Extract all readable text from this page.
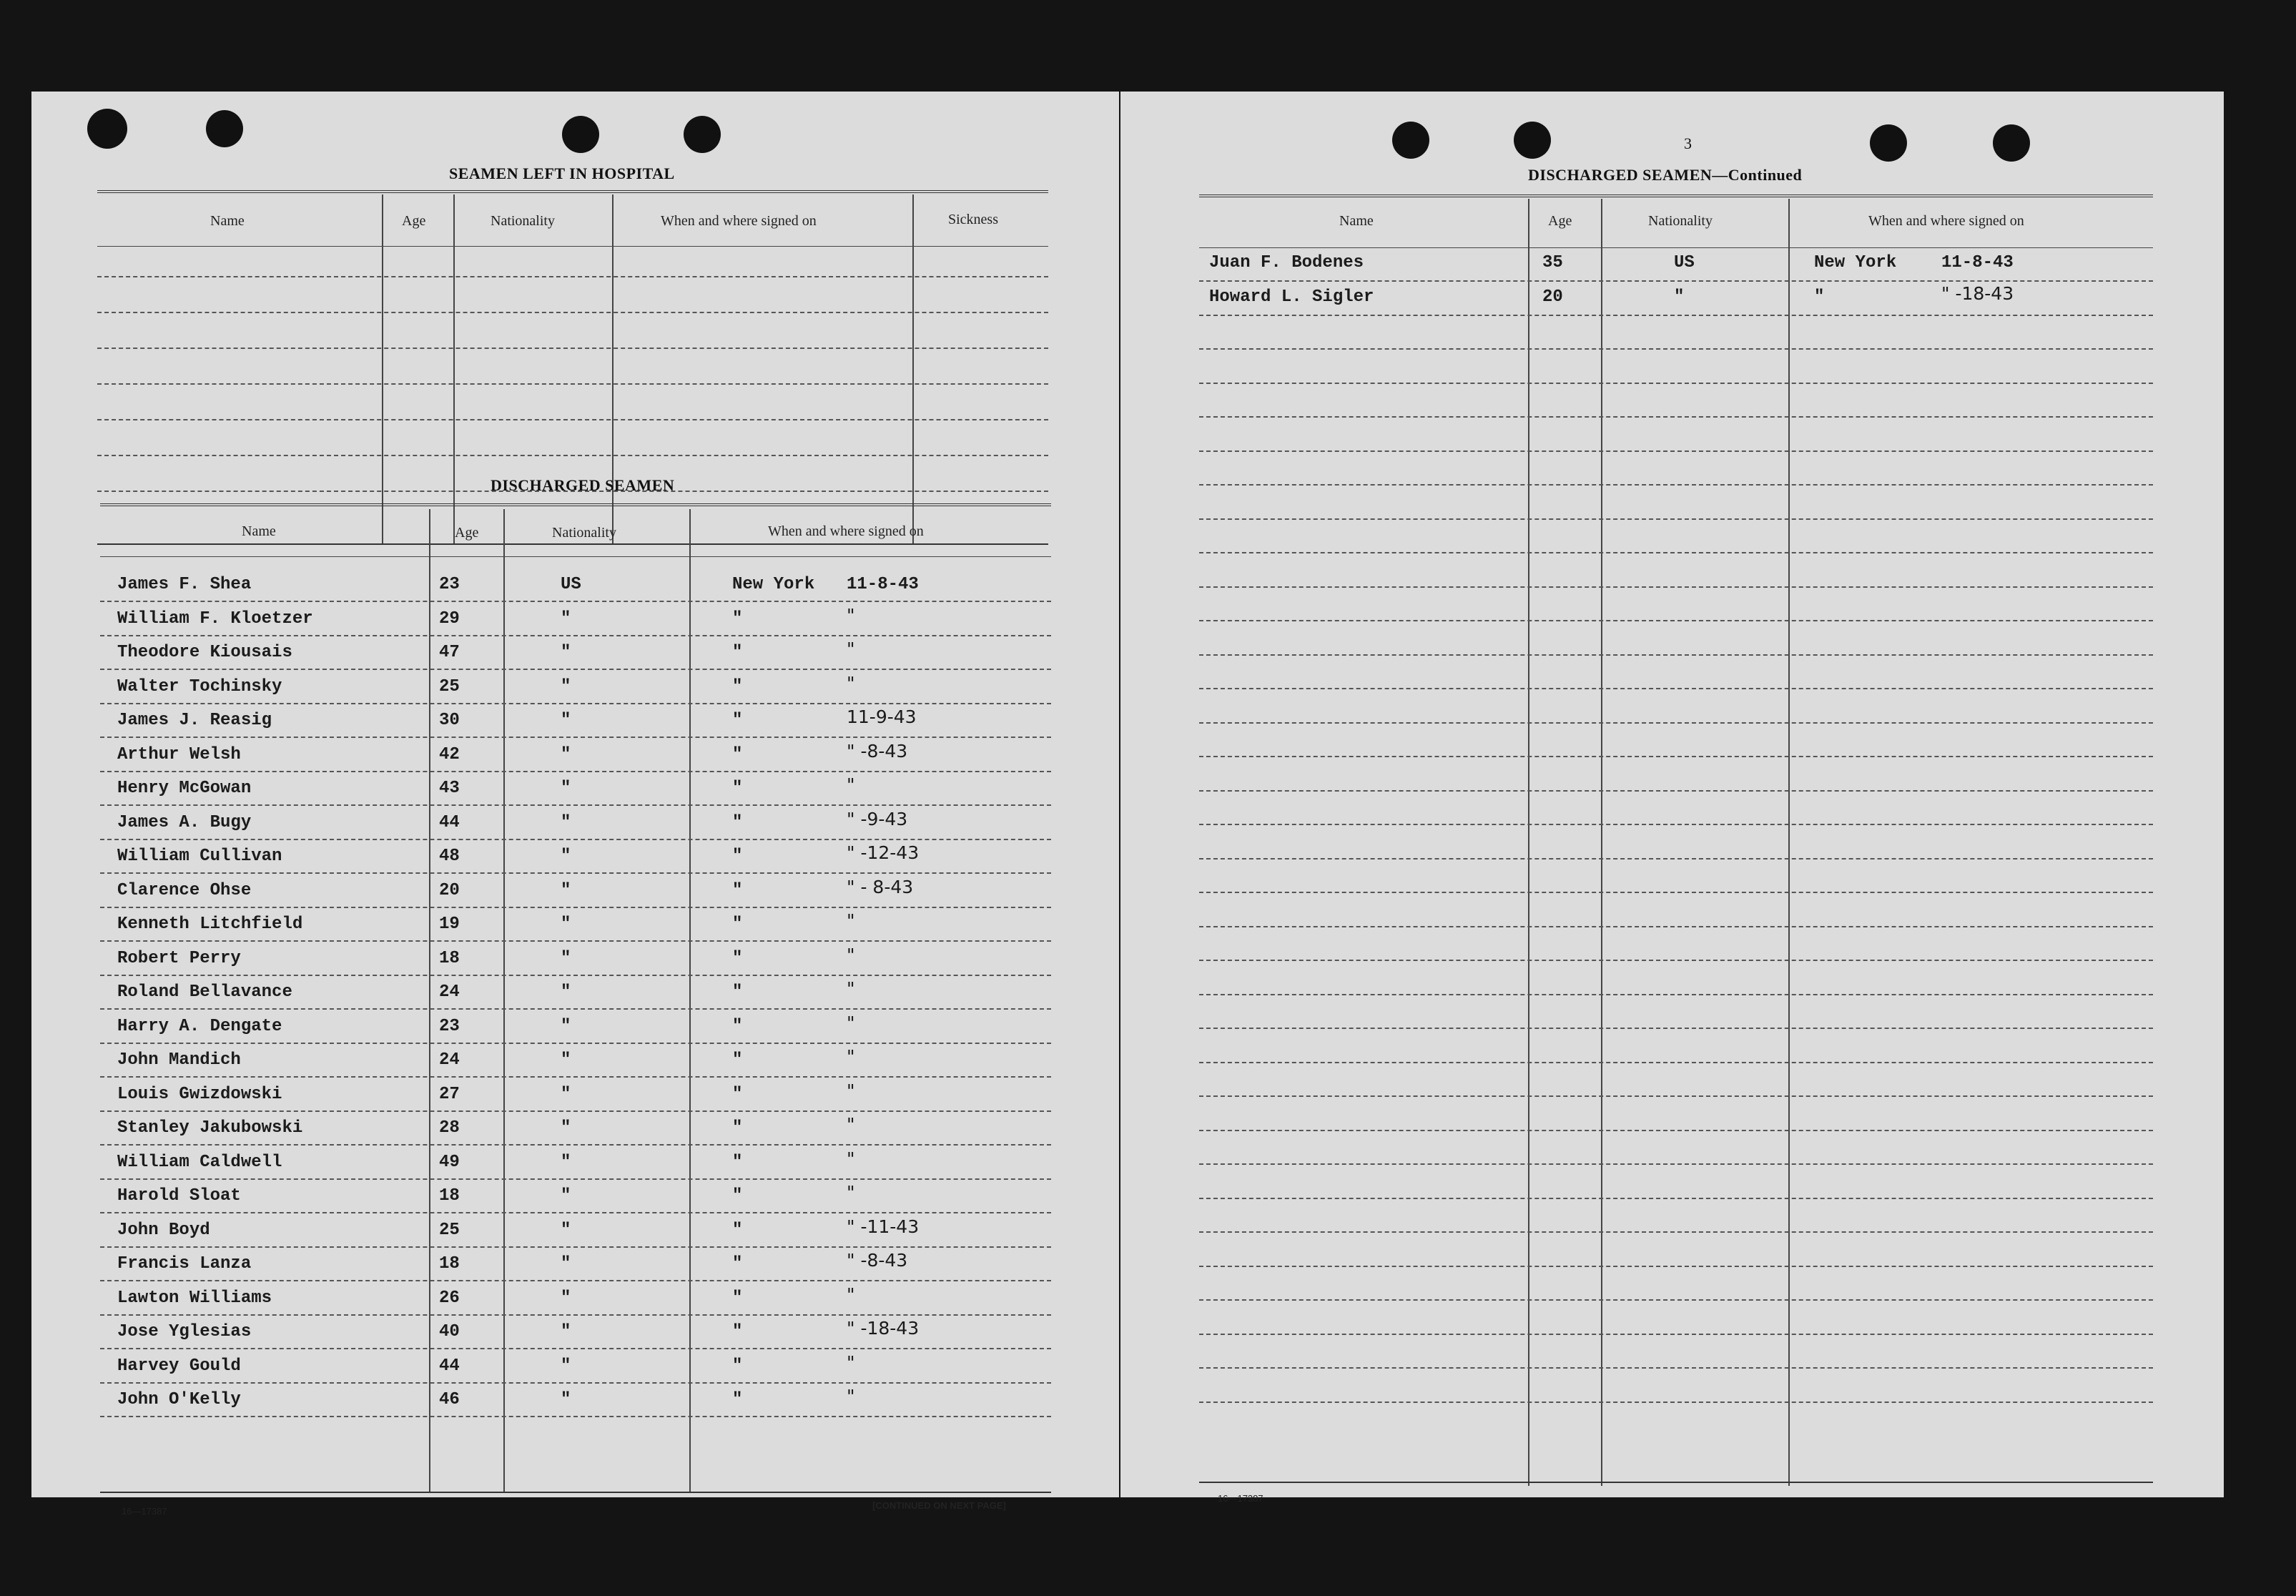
SEAMEN LEFT IN HOSPITAL
Name	Age	Nationality	When and where signed on	Sickness
DISCHARGED SEAMEN
Name	Age	Nationality	When and where signed on
James F. Shea	23	US	New York 11-8-43
William F. Kloetzer	29	"	"	"
Theodore Kiousais	47	"	"	"
Walter Tochinsky	25	"	"	"
James J. Reasig	30	"	"	11-9-43
Arthur Welsh	42	"	"	" -8-43
Henry McGowan	43	"	"	"
James A. Bugy	44	"	"	" -9-43
William Cullivan	48	"	"	" -12-43
Clarence Ohse	20	"	"	" - 8-43
Kenneth Litchfield	19	"	"	"
Robert Perry	18	"	"	"
Roland Bellavance	24	"	"	"
Harry A. Dengate	23	"	"	"
John Mandich	24	"	"	"
Louis Gwizdowski	27	"	"	"
Stanley Jakubowski	28	"	"	"
William Caldwell	49	"	"	"
Harold Sloat	18	"	"	"
John Boyd	25	"	"	" -11-43
Francis Lanza	18	"	"	" -8-43
Lawton Williams	26	"	"	"
Jose Yglesias	40	"	"	" -18-43
Harvey Gould	44	"	"	"
John O'Kelly	46	"	"	"
16—17387
[CONTINUED ON NEXT PAGE]
3
DISCHARGED SEAMEN—Continued
Name	Age	Nationality	When and where signed on
Juan F. Bodenes	35	US	New York	11-8-43
Howard L. Sigler	20	"	"	" -18-43
16—17387
